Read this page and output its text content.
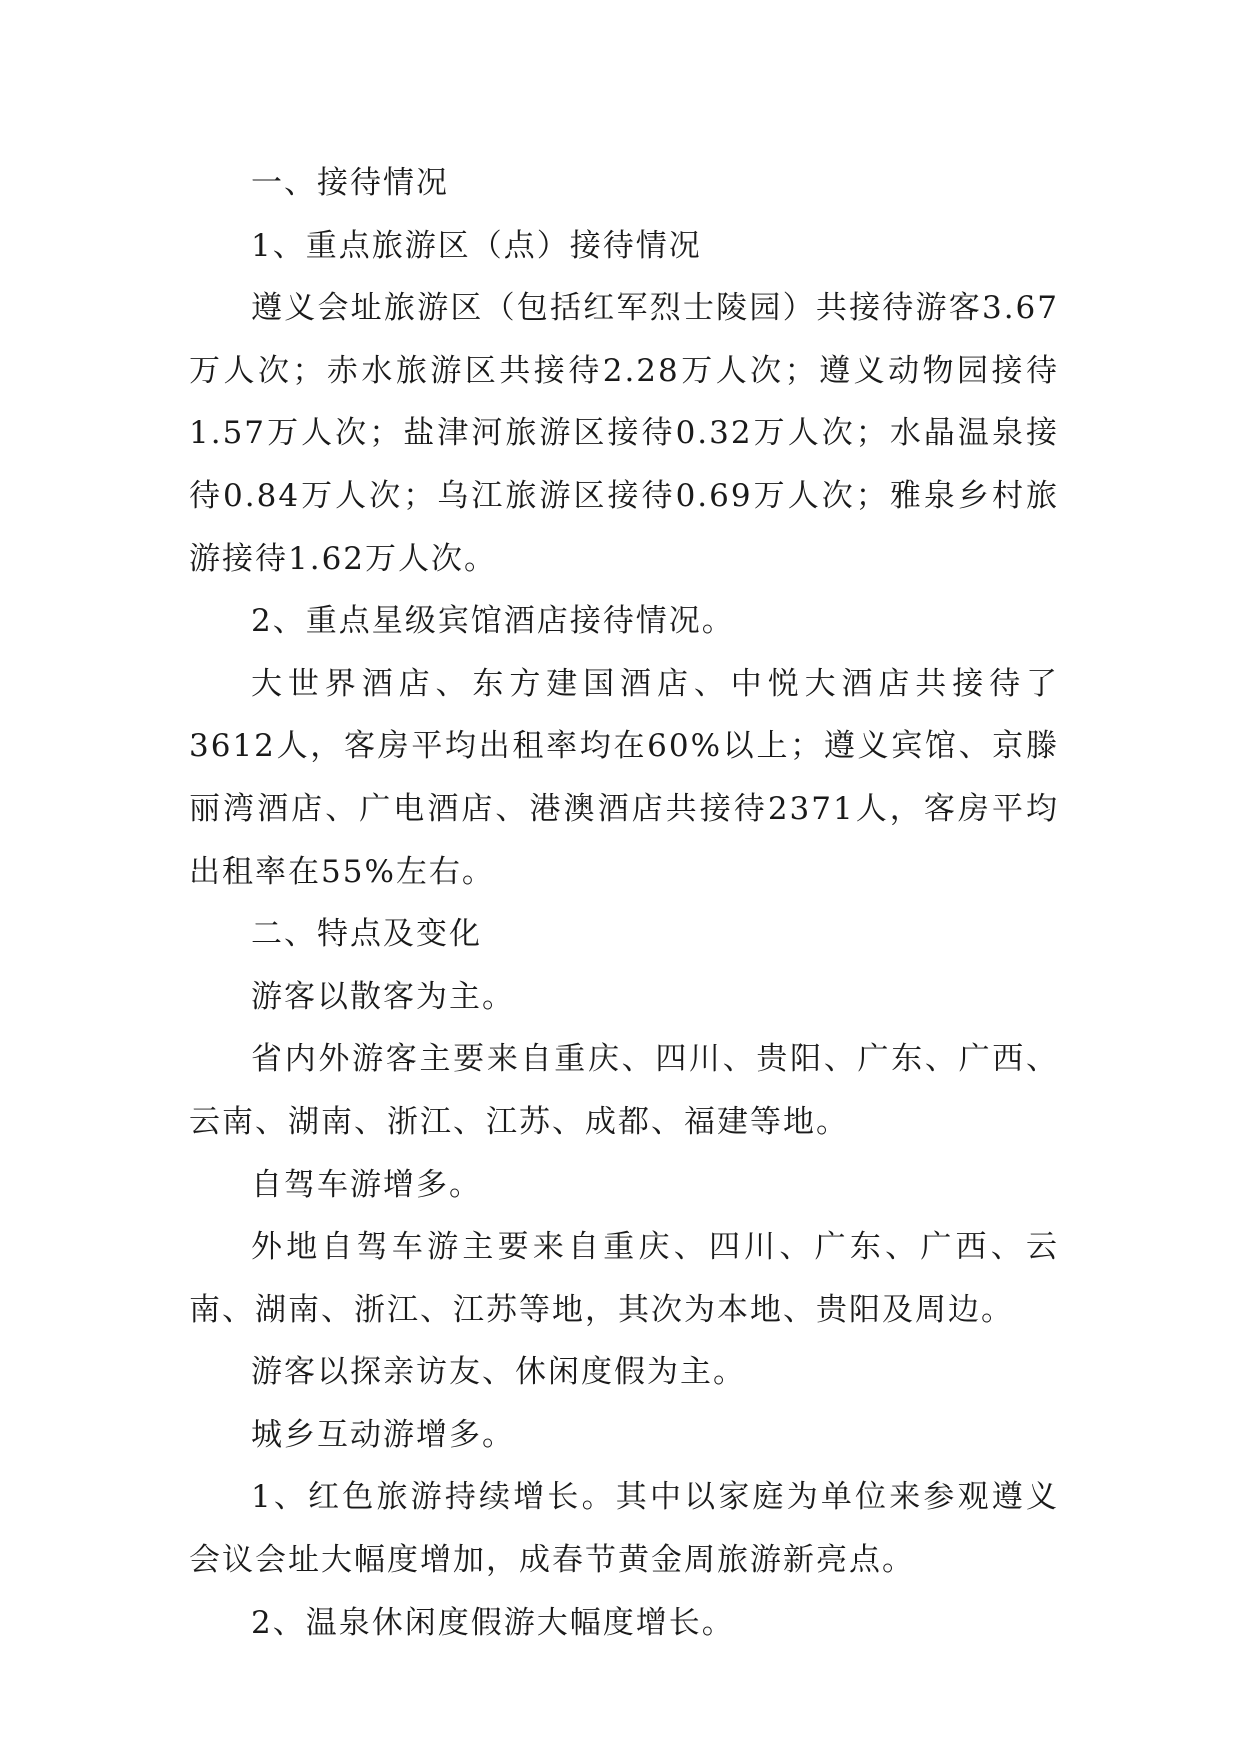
一、接待情况

1、重点旅游区（点）接待情况

遵义会址旅游区（包括红军烈士陵园）共接待游客3.67万人次；赤水旅游区共接待2.28万人次；遵义动物园接待1.57万人次；盐津河旅游区接待0.32万人次；水晶温泉接待0.84万人次；乌江旅游区接待0.69万人次；雅泉乡村旅游接待1.62万人次。

2、重点星级宾馆酒店接待情况。

大世界酒店、东方建国酒店、中悦大酒店共接待了3612人，客房平均出租率均在60%以上；遵义宾馆、京滕丽湾酒店、广电酒店、港澳酒店共接待2371人，客房平均出租率在55%左右。

二、特点及变化

游客以散客为主。

省内外游客主要来自重庆、四川、贵阳、广东、广西、云南、湖南、浙江、江苏、成都、福建等地。

自驾车游增多。

外地自驾车游主要来自重庆、四川、广东、广西、云南、湖南、浙江、江苏等地，其次为本地、贵阳及周边。

游客以探亲访友、休闲度假为主。

城乡互动游增多。

1、红色旅游持续增长。其中以家庭为单位来参观遵义会议会址大幅度增加，成春节黄金周旅游新亮点。

2、温泉休闲度假游大幅度增长。
